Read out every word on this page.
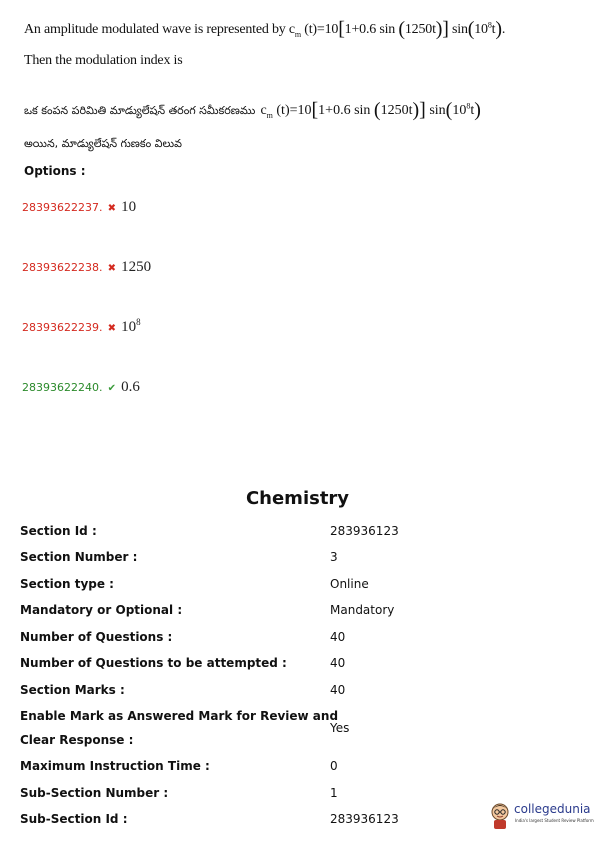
An amplitude modulated wave is represented by $c_m$ (t)=10[1+0.6 sin (1250t)] $\sin(10^8t)$.
Then the modulation index is
ఒక కంపన పరిమితి మాడ్యులేషన్ తరంగ సమీకరణము $c_m$ (t)=10[1+0.6 sin (1250t)] $\sin(10^8t)$
అయిన, మాడ్యులేషన్ గుణకం విలువ
Options :
28393622237. ✖ 10
28393622238. ✖ 1250
28393622239. ✖ $10^8$
28393622240. ✔ 0.6
Chemistry
Section Id :	283936123
Section Number :	3
Section type :	Online
Mandatory or Optional :	Mandatory
Number of Questions :	40
Number of Questions to be attempted :	40
Section Marks :	40
Enable Mark as Answered Mark for Review and
Clear Response :
Yes
Maximum Instruction Time :	0
Sub-Section Number :	1
Sub-Section Id :	283936123
collegedunia
India's largest Student Review Platform
